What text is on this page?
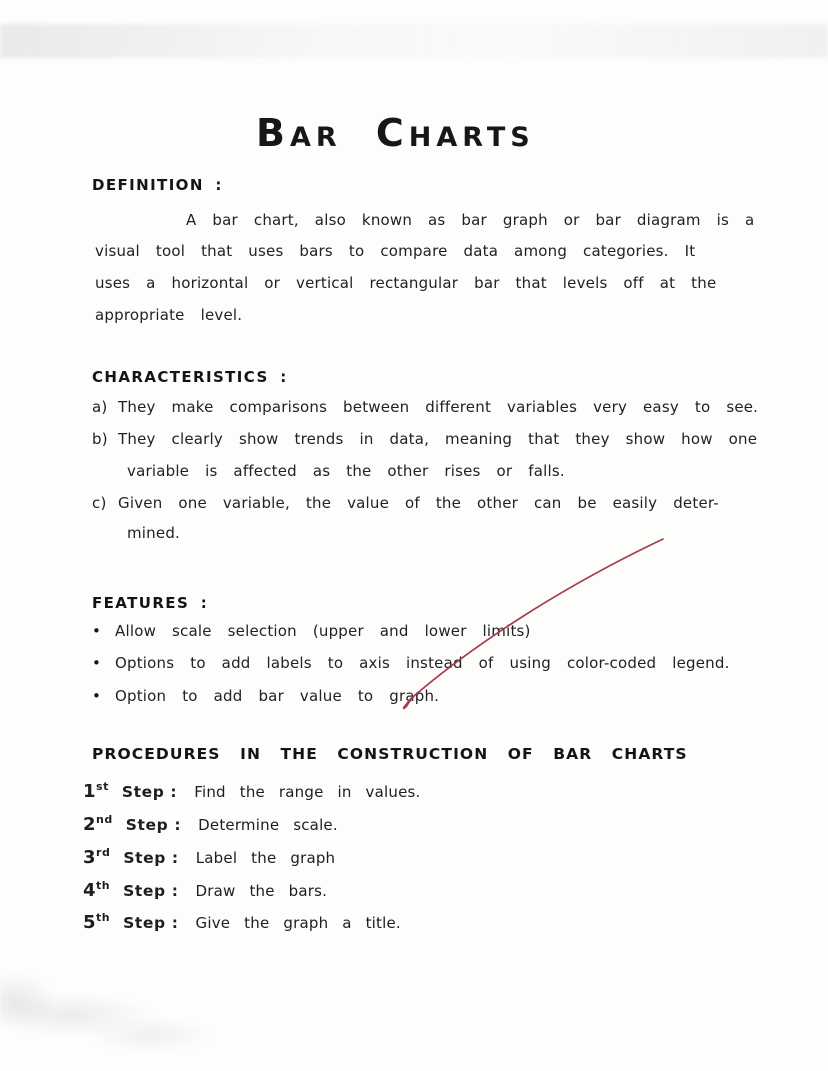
Bar Charts
DEFINITION :
A bar chart, also known as bar graph or bar diagram is a
visual tool that uses bars to compare data among categories. It
uses a horizontal or vertical rectangular bar that levels off at the
appropriate level.
CHARACTERISTICS :
a) They make comparisons between different variables very easy to see.
b) They clearly show trends in data, meaning that they show how one
variable is affected as the other rises or falls.
c) Given one variable, the value of the other can be easily deter-
mined.
FEATURES :
• Allow scale selection (upper and lower limits)
• Options to add labels to axis instead of using color-coded legend.
• Option to add bar value to graph.
PROCEDURES IN THE CONSTRUCTION OF BAR CHARTS
1st Step : Find the range in values.
2nd Step : Determine scale.
3rd Step : Label the graph
4th Step : Draw the bars.
5th Step : Give the graph a title.
